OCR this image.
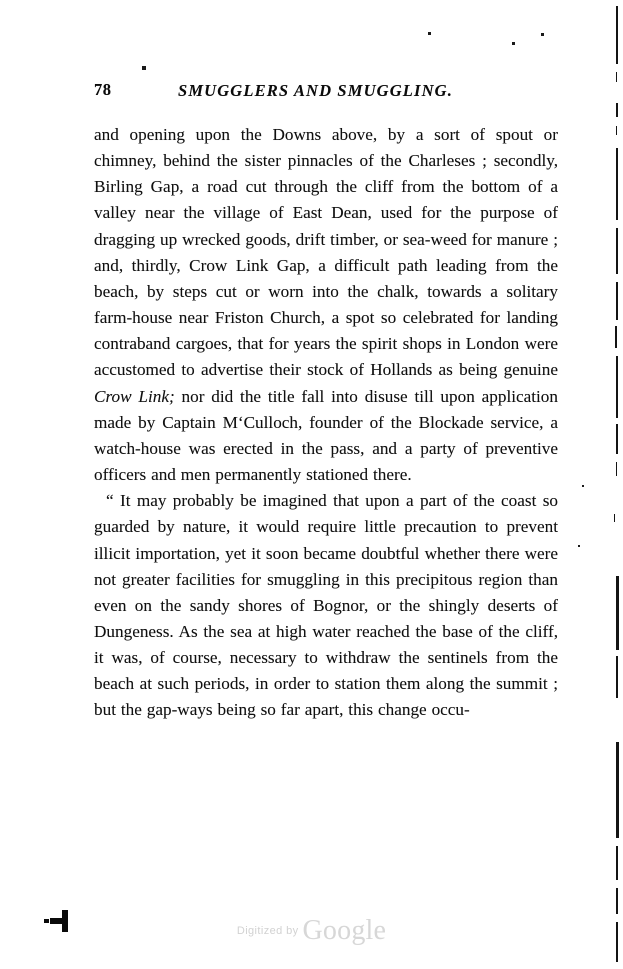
78	SMUGGLERS AND SMUGGLING.

and opening upon the Downs above, by a sort of spout or chimney, behind the sister pinnacles of the Charleses ; secondly, Birling Gap, a road cut through the cliff from the bottom of a valley near the village of East Dean, used for the purpose of dragging up wrecked goods, drift timber, or sea-weed for manure ; and, thirdly, Crow Link Gap, a difficult path leading from the beach, by steps cut or worn into the chalk, towards a solitary farm-house near Friston Church, a spot so celebrated for landing contraband cargoes, that for years the spirit shops in London were accustomed to advertise their stock of Hollands as being genuine Crow Link; nor did the title fall into disuse till upon application made by Captain M‘Culloch, founder of the Blockade service, a watch-house was erected in the pass, and a party of preventive officers and men permanently stationed there.

“ It may probably be imagined that upon a part of the coast so guarded by nature, it would require little precaution to prevent illicit importation, yet it soon became doubtful whether there were not greater facilities for smuggling in this precipitous region than even on the sandy shores of Bognor, or the shingly deserts of Dungeness. As the sea at high water reached the base of the cliff, it was, of course, necessary to withdraw the sentinels from the beach at such periods, in order to station them along the summit ; but the gap-ways being so far apart, this change occu-

$^{Digitized by}$ Google
